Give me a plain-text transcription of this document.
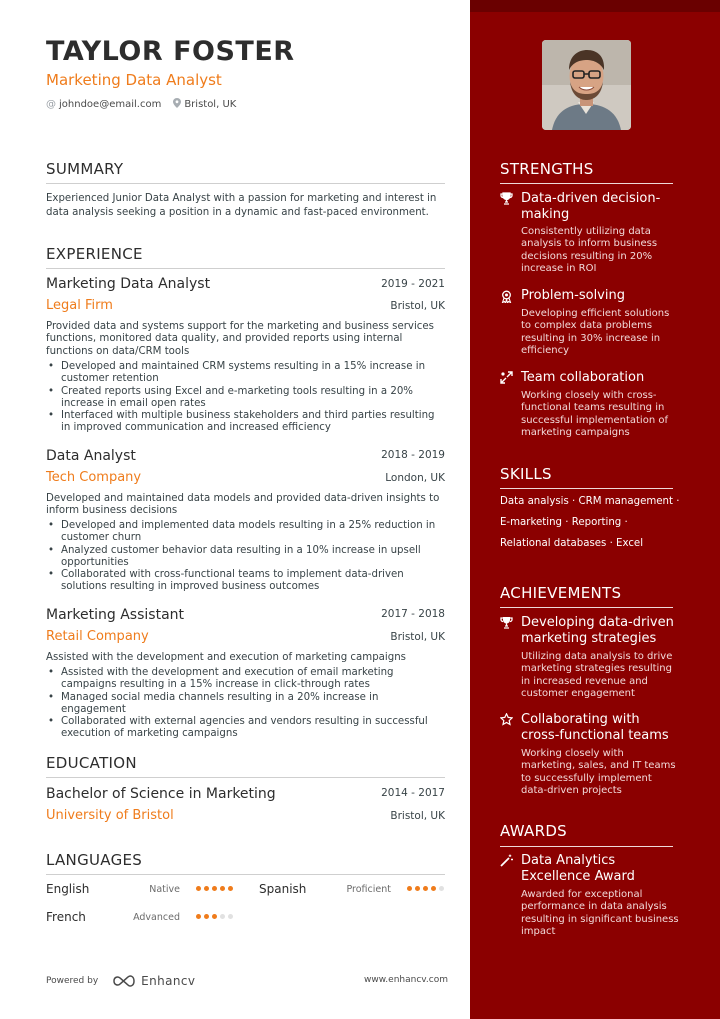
TAYLOR FOSTER
Marketing Data Analyst
@ johndoe@email.com Bristol, UK
SUMMARY
Experienced Junior Data Analyst with a passion for marketing and interest in data analysis seeking a position in a dynamic and fast-paced environment.
EXPERIENCE
Marketing Data Analyst	2019 - 2021
Legal Firm	Bristol, UK
Provided data and systems support for the marketing and business services functions, monitored data quality, and provided reports using internal functions on data/CRM tools
• Developed and maintained CRM systems resulting in a 15% increase in customer retention
• Created reports using Excel and e-marketing tools resulting in a 20% increase in email open rates
• Interfaced with multiple business stakeholders and third parties resulting in improved communication and increased efficiency
Data Analyst	2018 - 2019
Tech Company	London, UK
Developed and maintained data models and provided data-driven insights to inform business decisions
• Developed and implemented data models resulting in a 25% reduction in customer churn
• Analyzed customer behavior data resulting in a 10% increase in upsell opportunities
• Collaborated with cross-functional teams to implement data-driven solutions resulting in improved business outcomes
Marketing Assistant	2017 - 2018
Retail Company	Bristol, UK
Assisted with the development and execution of marketing campaigns
• Assisted with the development and execution of email marketing campaigns resulting in a 15% increase in click-through rates
• Managed social media channels resulting in a 20% increase in engagement
• Collaborated with external agencies and vendors resulting in successful execution of marketing campaigns
EDUCATION
Bachelor of Science in Marketing	2014 - 2017
University of Bristol	Bristol, UK
LANGUAGES
English	Native	Spanish	Proficient
French	Advanced
Powered by	Enhancv	www.enhancv.com
STRENGTHS
Data-driven decision-making
Consistently utilizing data analysis to inform business decisions resulting in 20% increase in ROI
Problem-solving
Developing efficient solutions to complex data problems resulting in 30% increase in efficiency
Team collaboration
Working closely with cross-functional teams resulting in successful implementation of marketing campaigns
SKILLS
Data analysis · CRM management ·
E-marketing · Reporting ·
Relational databases · Excel
ACHIEVEMENTS
Developing data-driven marketing strategies
Utilizing data analysis to drive marketing strategies resulting in increased revenue and customer engagement
Collaborating with cross-functional teams
Working closely with marketing, sales, and IT teams to successfully implement data-driven projects
AWARDS
Data Analytics Excellence Award
Awarded for exceptional performance in data analysis resulting in significant business impact
